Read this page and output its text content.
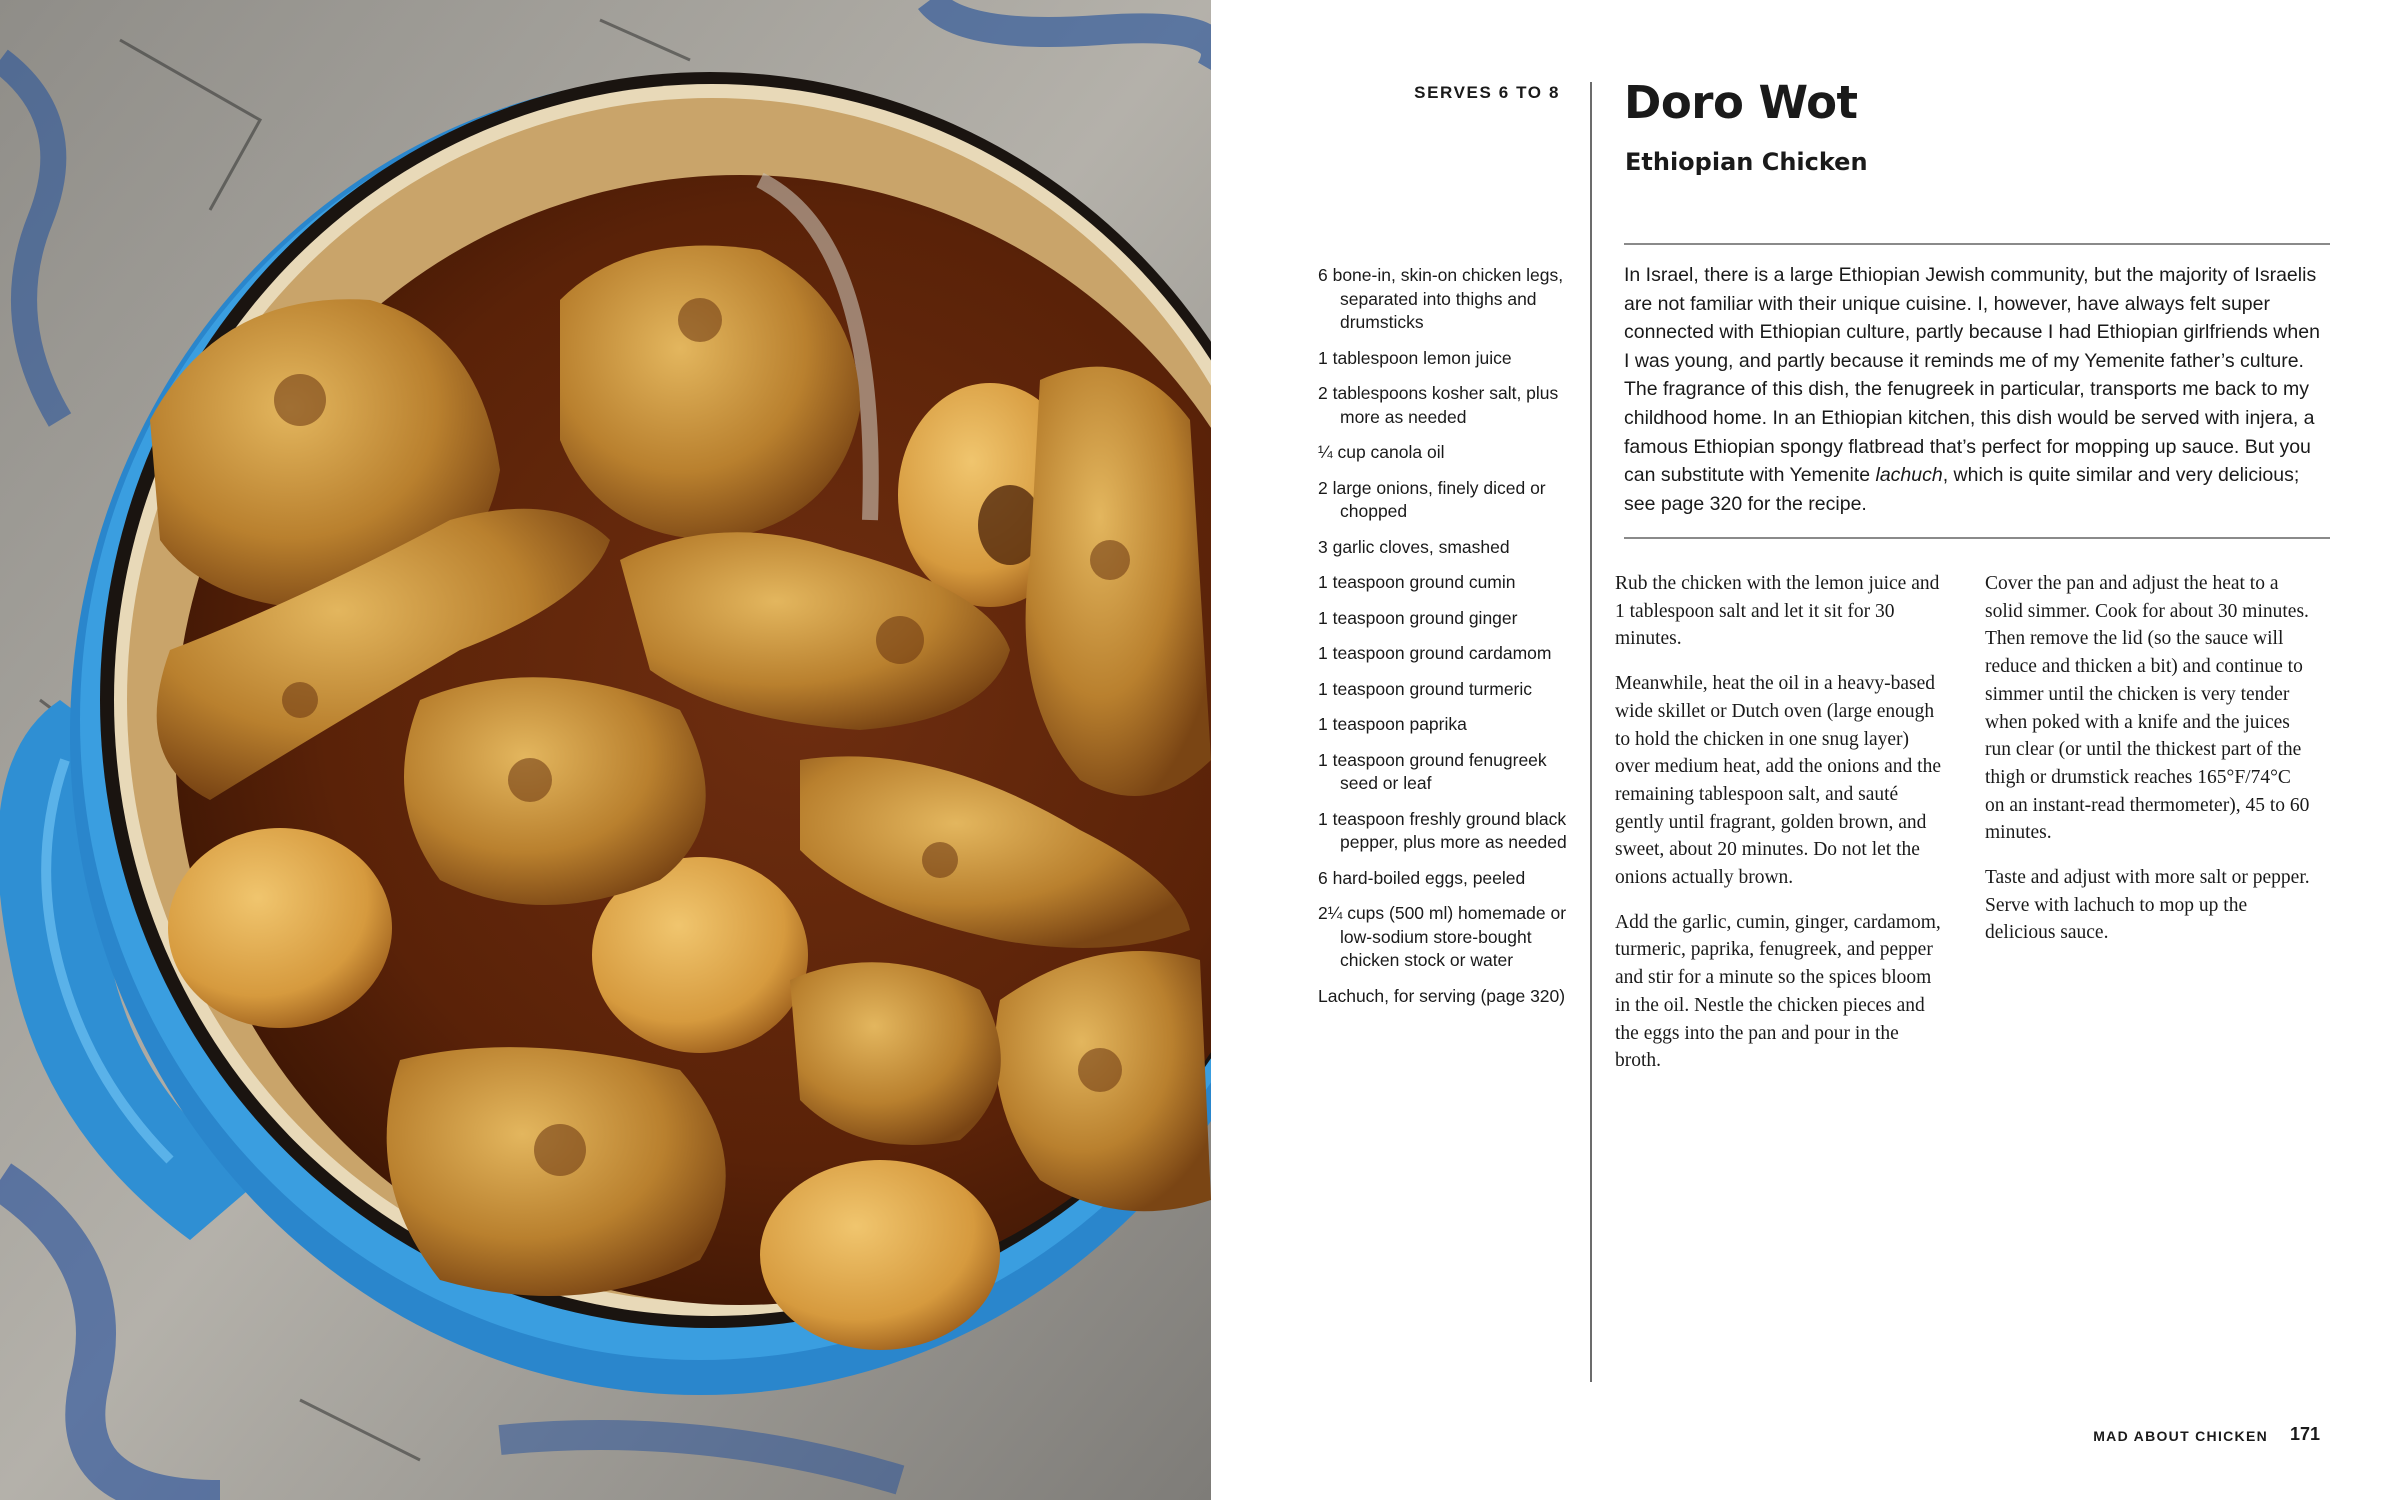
SERVES 6 TO 8 Doro Wot
Ethiopian Chicken

In Israel, there is a large Ethiopian Jewish community, but the majority of Israelis are not familiar with their unique cuisine. I, however, have always felt super connected with Ethiopian culture, partly because I had Ethiopian girlfriends when I was young, and partly because it reminds me of my Yemenite father’s culture. The fragrance of this dish, the fenugreek in particular, transports me back to my childhood home. In an Ethiopian kitchen, this dish would be served with injera, a famous Ethiopian spongy flatbread that’s perfect for mopping up sauce. But you can substitute with Yemenite lachuch, which is quite similar and very delicious; see page 320 for the recipe.

6 bone-in, skin-on chicken legs, separated into thighs and drumsticks
1 tablespoon lemon juice
2 tablespoons kosher salt, plus more as needed
¼ cup canola oil
2 large onions, finely diced or chopped
3 garlic cloves, smashed
1 teaspoon ground cumin
1 teaspoon ground ginger
1 teaspoon ground cardamom
1 teaspoon ground turmeric
1 teaspoon paprika
1 teaspoon ground fenugreek seed or leaf
1 teaspoon freshly ground black pepper, plus more as needed
6 hard-boiled eggs, peeled
2¼ cups (500 ml) homemade or low-sodium store-bought chicken stock or water
Lachuch, for serving (page 320)

Rub the chicken with the lemon juice and 1 tablespoon salt and let it sit for 30 minutes.

Meanwhile, heat the oil in a heavy-based wide skillet or Dutch oven (large enough to hold the chicken in one snug layer) over medium heat, add the onions and the remaining tablespoon salt, and sauté gently until fragrant, golden brown, and sweet, about 20 minutes. Do not let the onions actually brown.

Add the garlic, cumin, ginger, cardamom, turmeric, paprika, fenugreek, and pepper and stir for a minute so the spices bloom in the oil. Nestle the chicken pieces and the eggs into the pan and pour in the broth.

Cover the pan and adjust the heat to a solid simmer. Cook for about 30 minutes. Then remove the lid (so the sauce will reduce and thicken a bit) and continue to simmer until the chicken is very tender when poked with a knife and the juices run clear (or until the thickest part of the thigh or drumstick reaches 165°F/74°C on an instant-read thermometer), 45 to 60 minutes.

Taste and adjust with more salt or pepper. Serve with lachuch to mop up the delicious sauce.

MAD ABOUT CHICKEN 171
